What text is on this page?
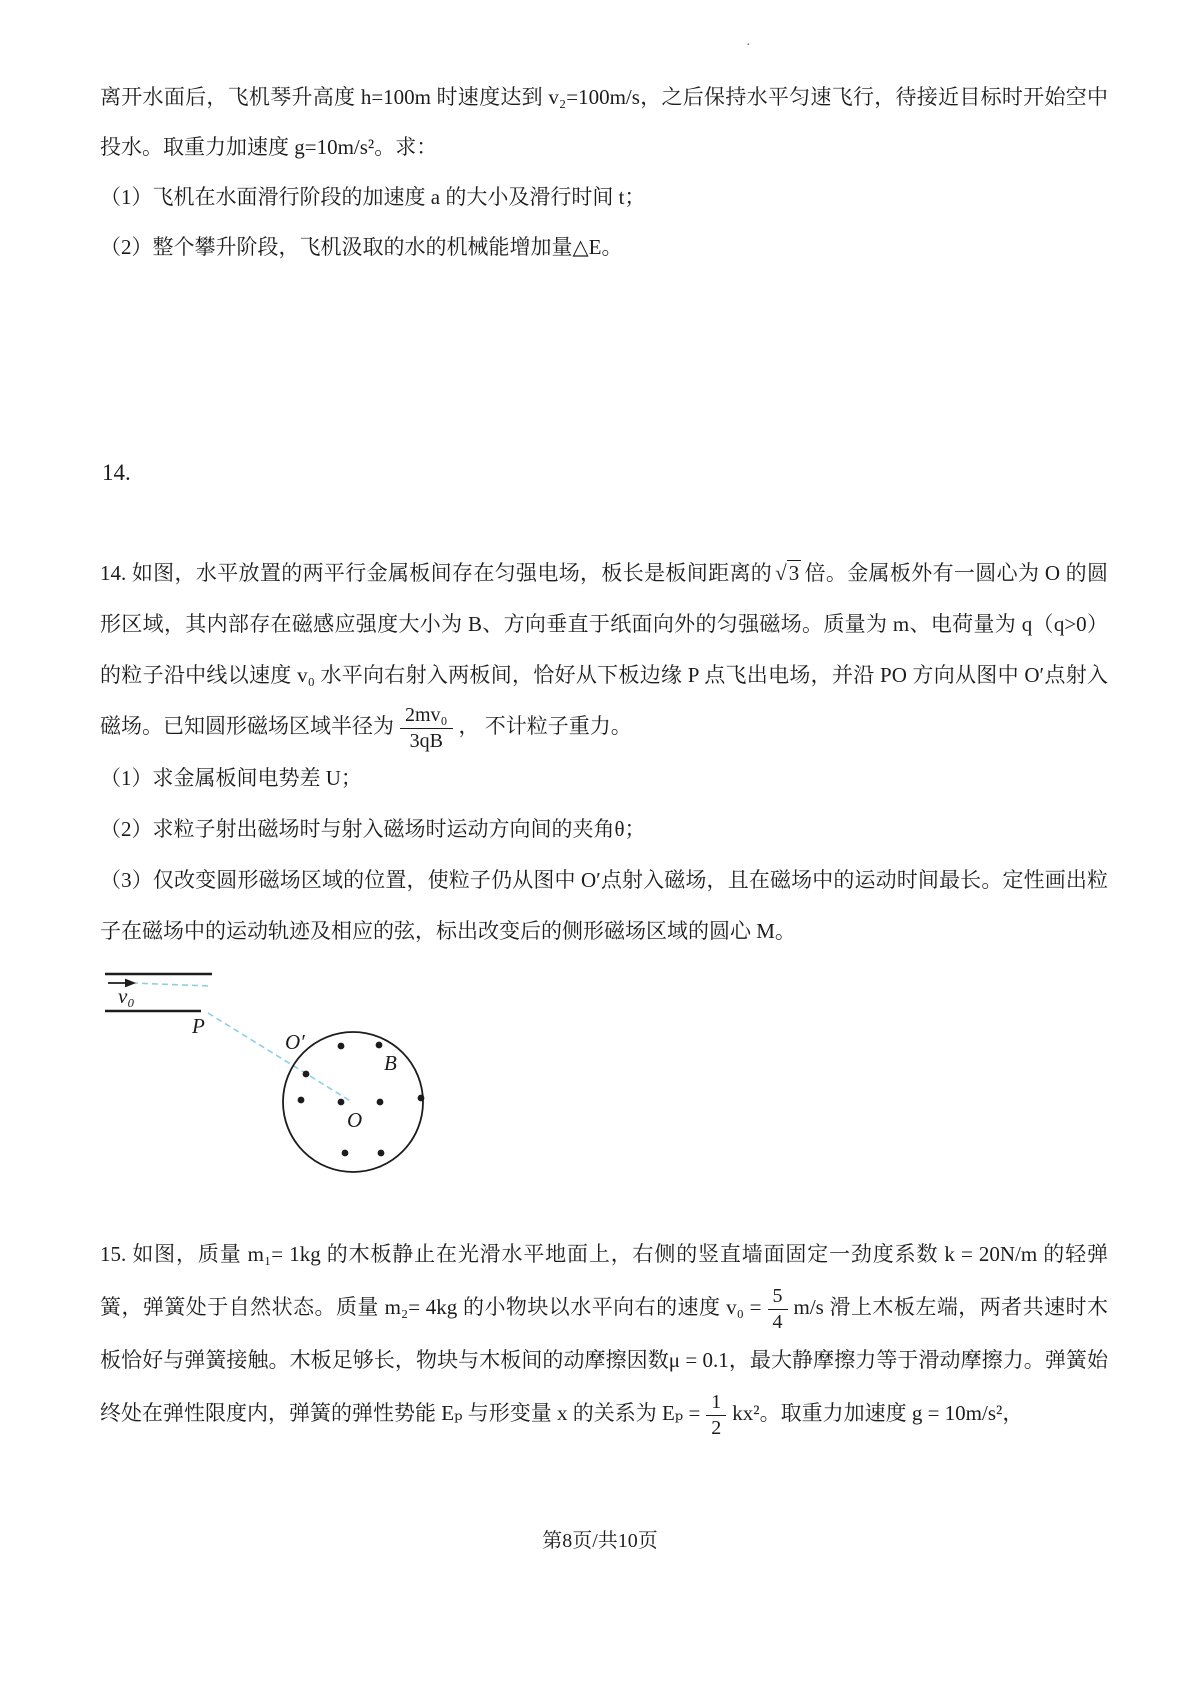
·

离开水面后，飞机琴升高度 h=100m 时速度达到 v₂=100m/s，之后保持水平匀速飞行，待接近目标时开始空中投水。取重力加速度 g=10m/s²。求：

（1）飞机在水面滑行阶段的加速度 a 的大小及滑行时间 t；

（2）整个攀升阶段，飞机汲取的水的机械能增加量△E。

14.

14. 如图，水平放置的两平行金属板间存在匀强电场，板长是板间距离的 √3 倍。金属板外有一圆心为 O 的圆形区域，其内部存在磁感应强度大小为 B、方向垂直于纸面向外的匀强磁场。质量为 m、电荷量为 q（q>0）的粒子沿中线以速度 v₀ 水平向右射入两板间，恰好从下板边缘 P 点飞出电场，并沿 PO 方向从图中 O′点射入磁场。已知圆形磁场区域半径为 $\frac{\text{2mv₀}}{3qB}$ ， 不计粒子重力。

（1）求金属板间电势差 U；

（2）求粒子射出磁场时与射入磁场时运动方向间的夹角θ；

（3）仅改变圆形磁场区域的位置，使粒子仍从图中 O′点射入磁场，且在磁场中的运动时间最长。定性画出粒子在磁场中的运动轨迹及相应的弦，标出改变后的侧形磁场区域的圆心 M。

v₀
P
O′
B
O

15. 如图，质量 m₁= 1kg 的木板静止在光滑水平地面上，右侧的竖直墙面固定一劲度系数 k = 20N/m 的轻弹簧，弹簧处于自然状态。质量 m₂= 4kg 的小物块以水平向右的速度 $v_0 = \frac{5}{4} m/s$ 滑上木板左端，两者共速时木板恰好与弹簧接触。木板足够长，物块与木板间的动摩擦因数μ = 0.1，最大静摩擦力等于滑动摩擦力。弹簧始终处在弹性限度内，弹簧的弹性势能 Eₚ 与形变量 x 的关系为 $E_p = \frac{1}{2} kx^2$。取重力加速度 g = 10m/s²，

第8页/共10页
